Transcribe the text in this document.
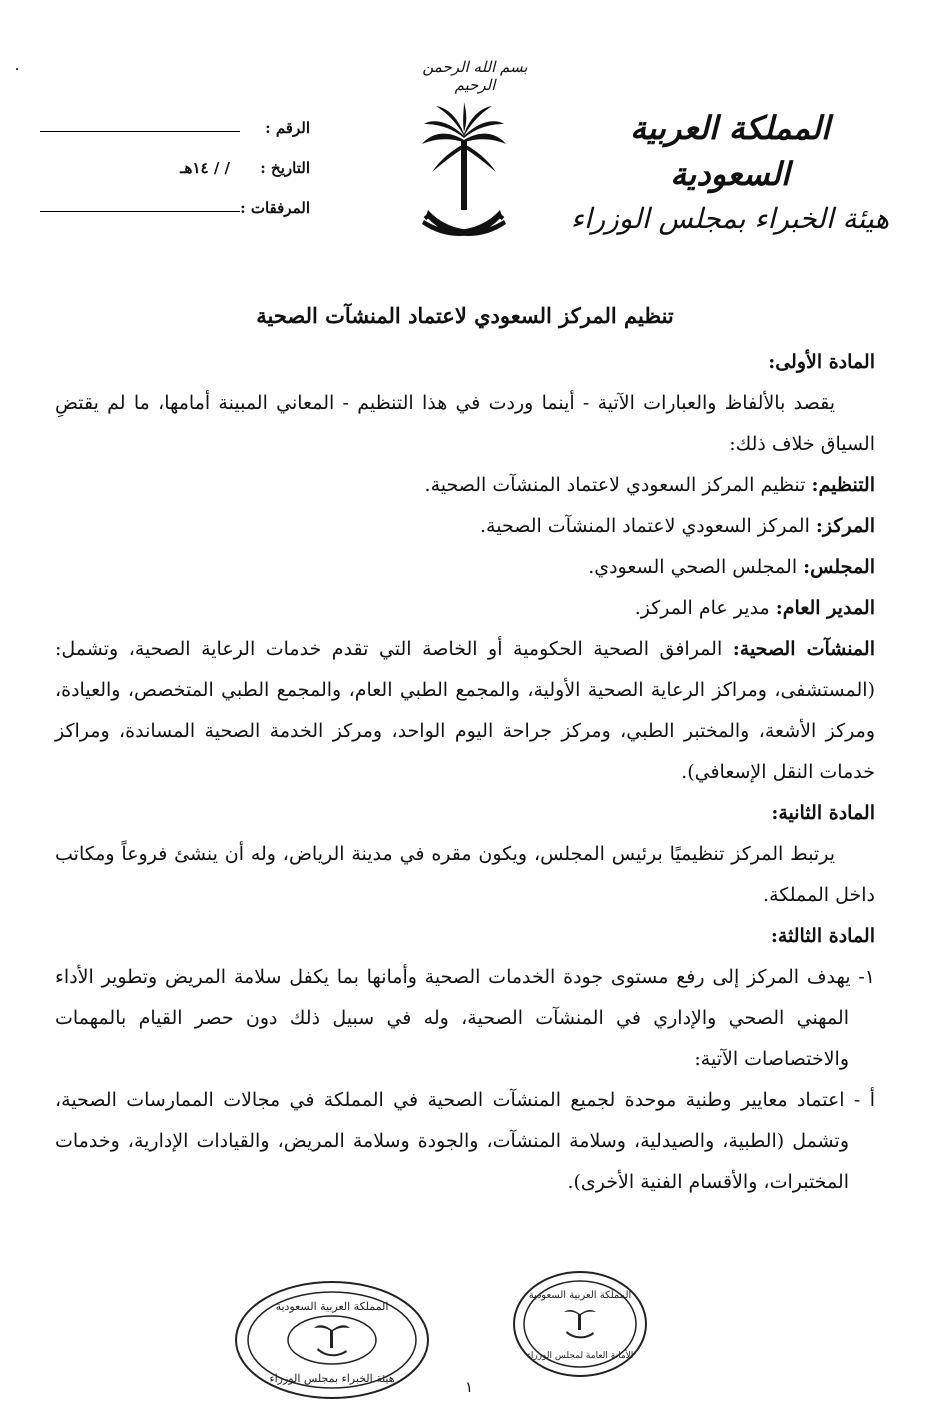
بسم الله الرحمن الرحيم
المملكة العربية السعودية
هيئة الخبراء بمجلس الوزراء
الرقم :
التاريخ :
/ / ١٤هـ
المرفقات :
تنظيم المركز السعودي لاعتماد المنشآت الصحية

المادة الأولى:

يقصد بالألفاظ والعبارات الآتية - أينما وردت في هذا التنظيم - المعاني المبينة أمامها، ما لم يقتضِ السياق خلاف ذلك:

التنظيم: تنظيم المركز السعودي لاعتماد المنشآت الصحية.

المركز: المركز السعودي لاعتماد المنشآت الصحية.

المجلس: المجلس الصحي السعودي.

المدير العام: مدير عام المركز.

المنشآت الصحية: المرافق الصحية الحكومية أو الخاصة التي تقدم خدمات الرعاية الصحية، وتشمل: (المستشفى، ومراكز الرعاية الصحية الأولية، والمجمع الطبي العام، والمجمع الطبي المتخصص، والعيادة، ومركز الأشعة، والمختبر الطبي، ومركز جراحة اليوم الواحد، ومركز الخدمة الصحية المساندة، ومراكز خدمات النقل الإسعافي).

المادة الثانية:

يرتبط المركز تنظيميًا برئيس المجلس، ويكون مقره في مدينة الرياض، وله أن ينشئ فروعاً ومكاتب داخل المملكة.

المادة الثالثة:

١- يهدف المركز إلى رفع مستوى جودة الخدمات الصحية وأمانها بما يكفل سلامة المريض وتطوير الأداء المهني الصحي والإداري في المنشآت الصحية، وله في سبيل ذلك دون حصر القيام بالمهمات والاختصاصات الآتية:

أ - اعتماد معايير وطنية موحدة لجميع المنشآت الصحية في المملكة في مجالات الممارسات الصحية، وتشمل (الطبية، والصيدلية، وسلامة المنشآت، والجودة وسلامة المريض، والقيادات الإدارية، وخدمات المختبرات، والأقسام الفنية الأخرى).

المملكة العربية السعودية
هيئة الخبراء بمجلس الوزراء
المملكة العربية السعودية
الأمانة العامة لمجلس الوزراء
١
